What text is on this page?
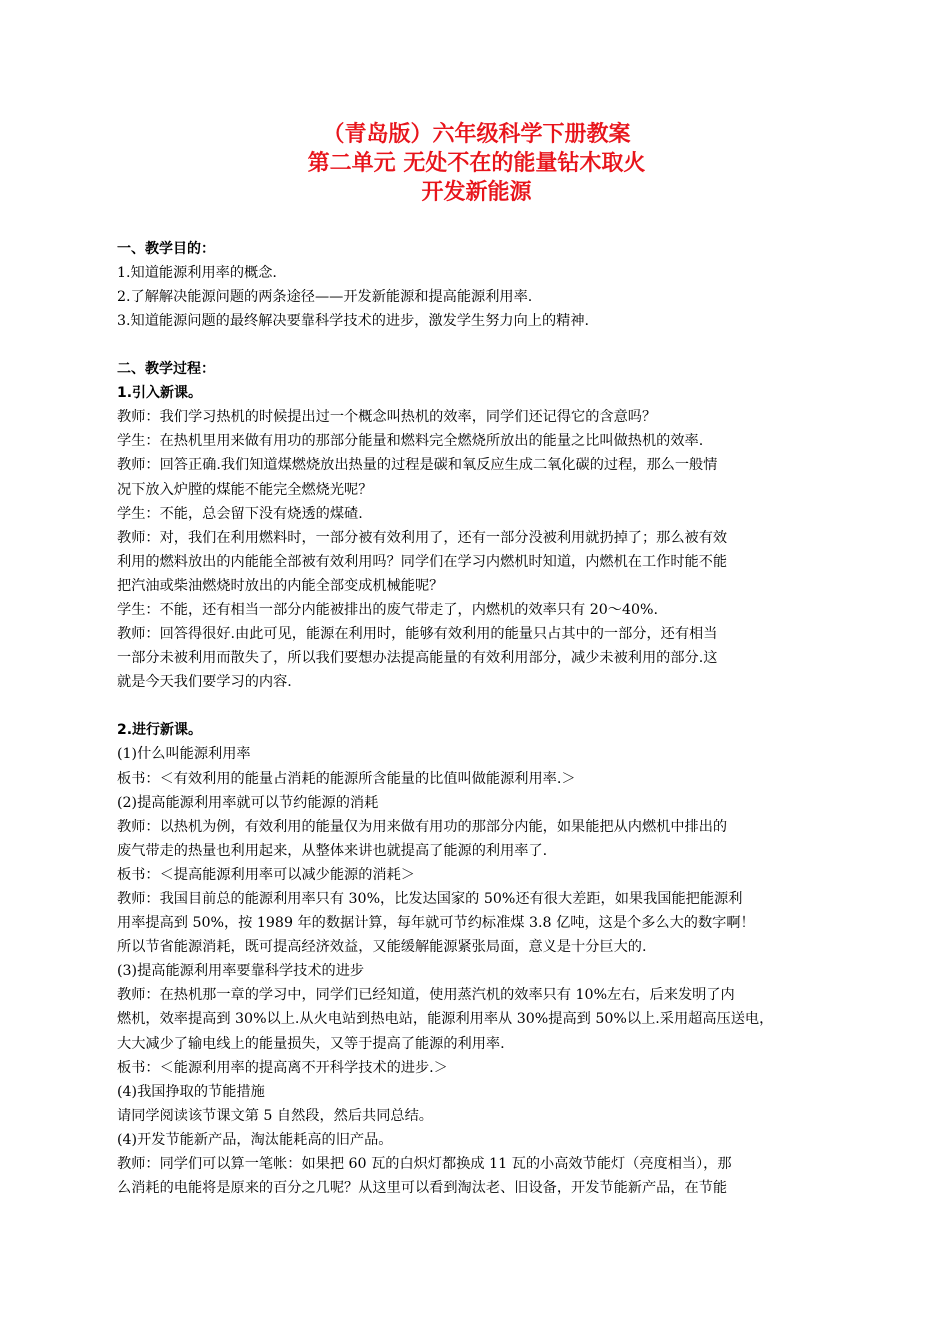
（青岛版）六年级科学下册教案
第二单元 无处不在的能量钻木取火
开发新能源
一、教学目的：
1.知道能源利用率的概念.
2.了解解决能源问题的两条途径——开发新能源和提高能源利用率.
3.知道能源问题的最终解决要靠科学技术的进步，激发学生努力向上的精神.
二、教学过程：
1.引入新课。
教师：我们学习热机的时候提出过一个概念叫热机的效率，同学们还记得它的含意吗？
学生：在热机里用来做有用功的那部分能量和燃料完全燃烧所放出的能量之比叫做热机的效率.
教师：回答正确.我们知道煤燃烧放出热量的过程是碳和氧反应生成二氧化碳的过程，那么一般情
况下放入炉膛的煤能不能完全燃烧光呢？
学生：不能，总会留下没有烧透的煤碴.
教师：对，我们在利用燃料时，一部分被有效利用了，还有一部分没被利用就扔掉了；那么被有效
利用的燃料放出的内能能全部被有效利用吗？同学们在学习内燃机时知道，内燃机在工作时能不能
把汽油或柴油燃烧时放出的内能全部变成机械能呢？
学生：不能，还有相当一部分内能被排出的废气带走了，内燃机的效率只有 20～40%.
教师：回答得很好.由此可见，能源在利用时，能够有效利用的能量只占其中的一部分，还有相当
一部分未被利用而散失了，所以我们要想办法提高能量的有效利用部分，减少未被利用的部分.这
就是今天我们要学习的内容.
2.进行新课。
(1)什么叫能源利用率
板书：＜有效利用的能量占消耗的能源所含能量的比值叫做能源利用率.＞
(2)提高能源利用率就可以节约能源的消耗
教师：以热机为例，有效利用的能量仅为用来做有用功的那部分内能，如果能把从内燃机中排出的
废气带走的热量也利用起来，从整体来讲也就提高了能源的利用率了.
板书：＜提高能源利用率可以减少能源的消耗＞
教师：我国目前总的能源利用率只有 30%，比发达国家的 50%还有很大差距，如果我国能把能源利
用率提高到 50%，按 1989 年的数据计算，每年就可节约标准煤 3.8 亿吨，这是个多么大的数字啊！
所以节省能源消耗，既可提高经济效益，又能缓解能源紧张局面，意义是十分巨大的.
(3)提高能源利用率要靠科学技术的进步
教师：在热机那一章的学习中，同学们已经知道，使用蒸汽机的效率只有 10%左右，后来发明了内
燃机，效率提高到 30%以上.从火电站到热电站，能源利用率从 30%提高到 50%以上.采用超高压送电，
大大减少了输电线上的能量损失，又等于提高了能源的利用率.
板书：＜能源利用率的提高离不开科学技术的进步.＞
(4)我国挣取的节能措施
请同学阅读该节课文第 5 自然段，然后共同总结。
(4)开发节能新产品，淘汰能耗高的旧产品。
教师：同学们可以算一笔帐：如果把 60 瓦的白炽灯都换成 11 瓦的小高效节能灯（亮度相当），那
么消耗的电能将是原来的百分之几呢？从这里可以看到淘汰老、旧设备，开发节能新产品，在节能
